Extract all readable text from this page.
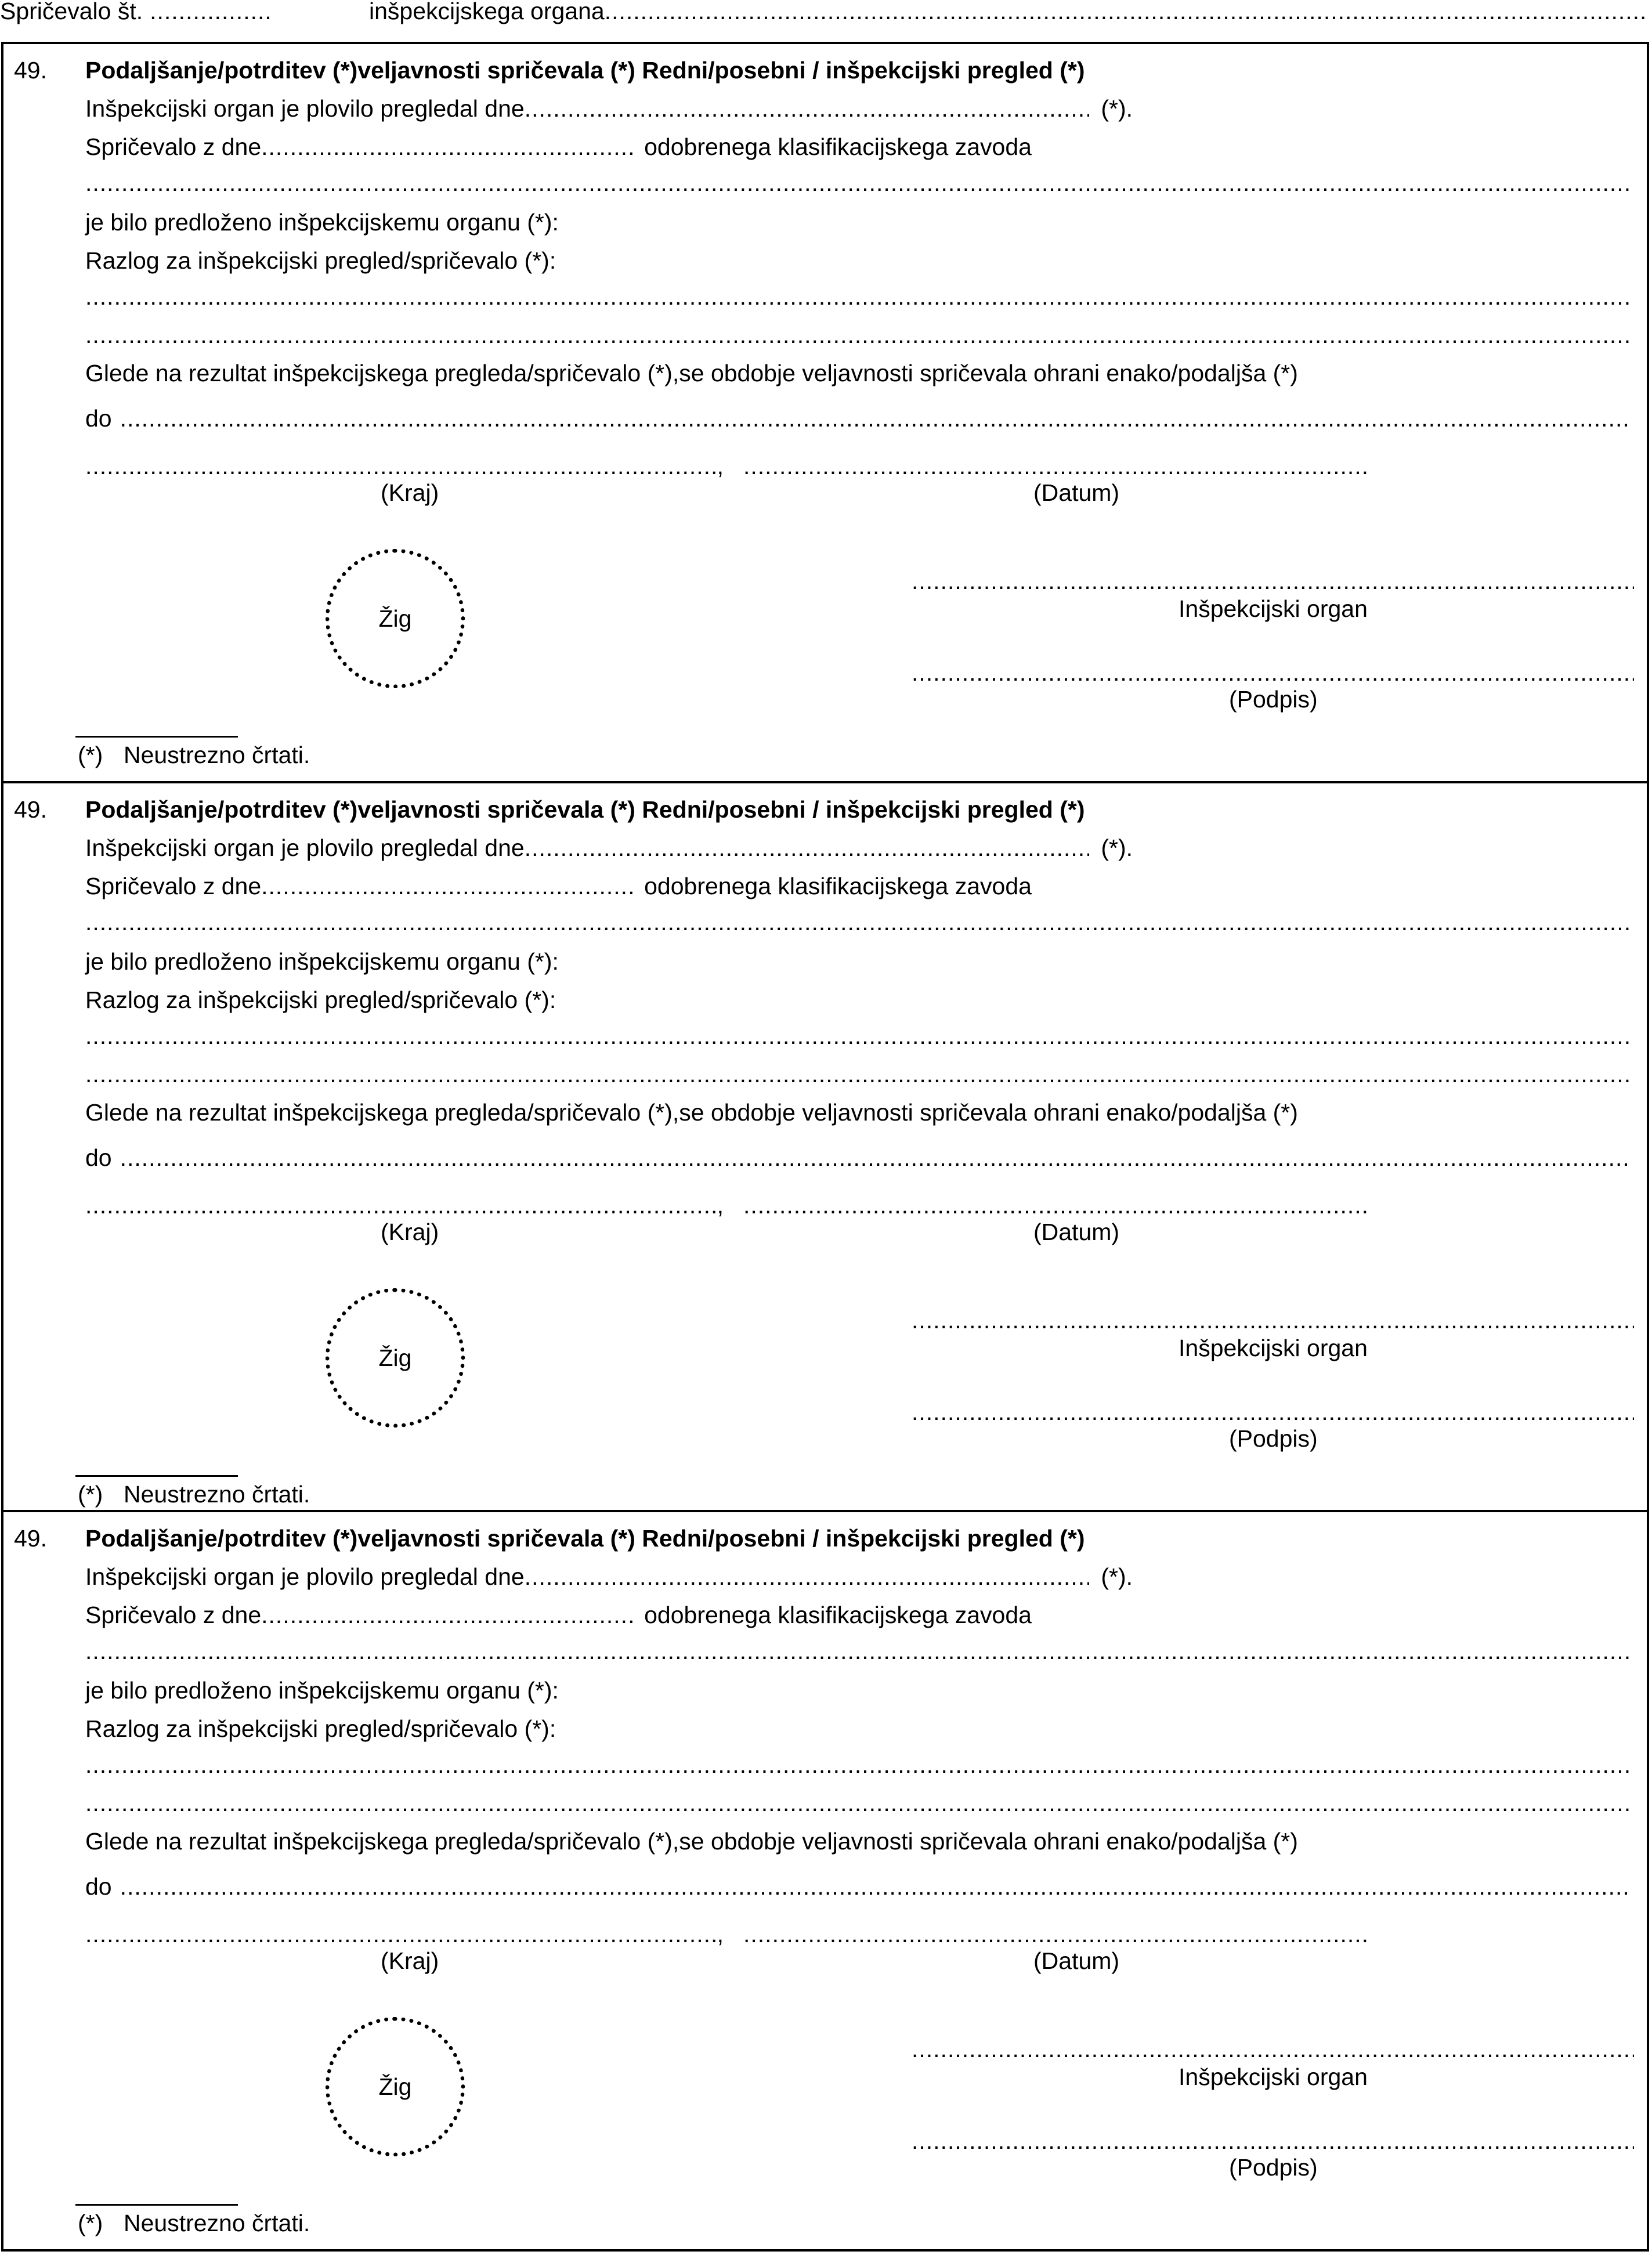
Spričevalo št. .....	inšpekcijskega organa
.....
49. Podaljšanje/potrditev (*)veljavnosti spričevala (*) Redni/posebni / inšpekcijski pregled (*)
Inšpekcijski organ je plovilo pregledal dne .....	(*).
Spričevalo z dne .....	odobrenega klasifikacijskega zavoda
.....
je bilo predloženo inšpekcijskemu organu (*):
Razlog za inšpekcijski pregled/spričevalo (*):
.....
.....
Glede na rezultat inšpekcijskega pregleda/spričevalo (*),se obdobje veljavnosti spričevala ohrani enako/podaljša (*)
do
.....
.....
,
.....
(Kraj)	(Datum)
Žig
.....	Inšpekcijski organ
.....
(Podpis)
(*) Neustrezno črtati.
49. Podaljšanje/potrditev (*)veljavnosti spričevala (*) Redni/posebni / inšpekcijski pregled (*)
Inšpekcijski organ je plovilo pregledal dne .....	(*).
Spričevalo z dne .....	odobrenega klasifikacijskega zavoda
.....
je bilo predloženo inšpekcijskemu organu (*):
Razlog za inšpekcijski pregled/spričevalo (*):
.....
.....
Glede na rezultat inšpekcijskega pregleda/spričevalo (*),se obdobje veljavnosti spričevala ohrani enako/podaljša (*)
do
.....
.....
,
.....
(Kraj)	(Datum)
Žig
.....	Inšpekcijski organ
.....
(Podpis)
(*) Neustrezno črtati.
49. Podaljšanje/potrditev (*)veljavnosti spričevala (*) Redni/posebni / inšpekcijski pregled (*)
Inšpekcijski organ je plovilo pregledal dne .....	(*).
Spričevalo z dne .....	odobrenega klasifikacijskega zavoda
.....
je bilo predloženo inšpekcijskemu organu (*):
Razlog za inšpekcijski pregled/spričevalo (*):
.....
.....
Glede na rezultat inšpekcijskega pregleda/spričevalo (*),se obdobje veljavnosti spričevala ohrani enako/podaljša (*)
do
.....
.....
,
.....
(Kraj)	(Datum)
Žig
.....	Inšpekcijski organ
.....
(Podpis)
(*) Neustrezno črtati.
